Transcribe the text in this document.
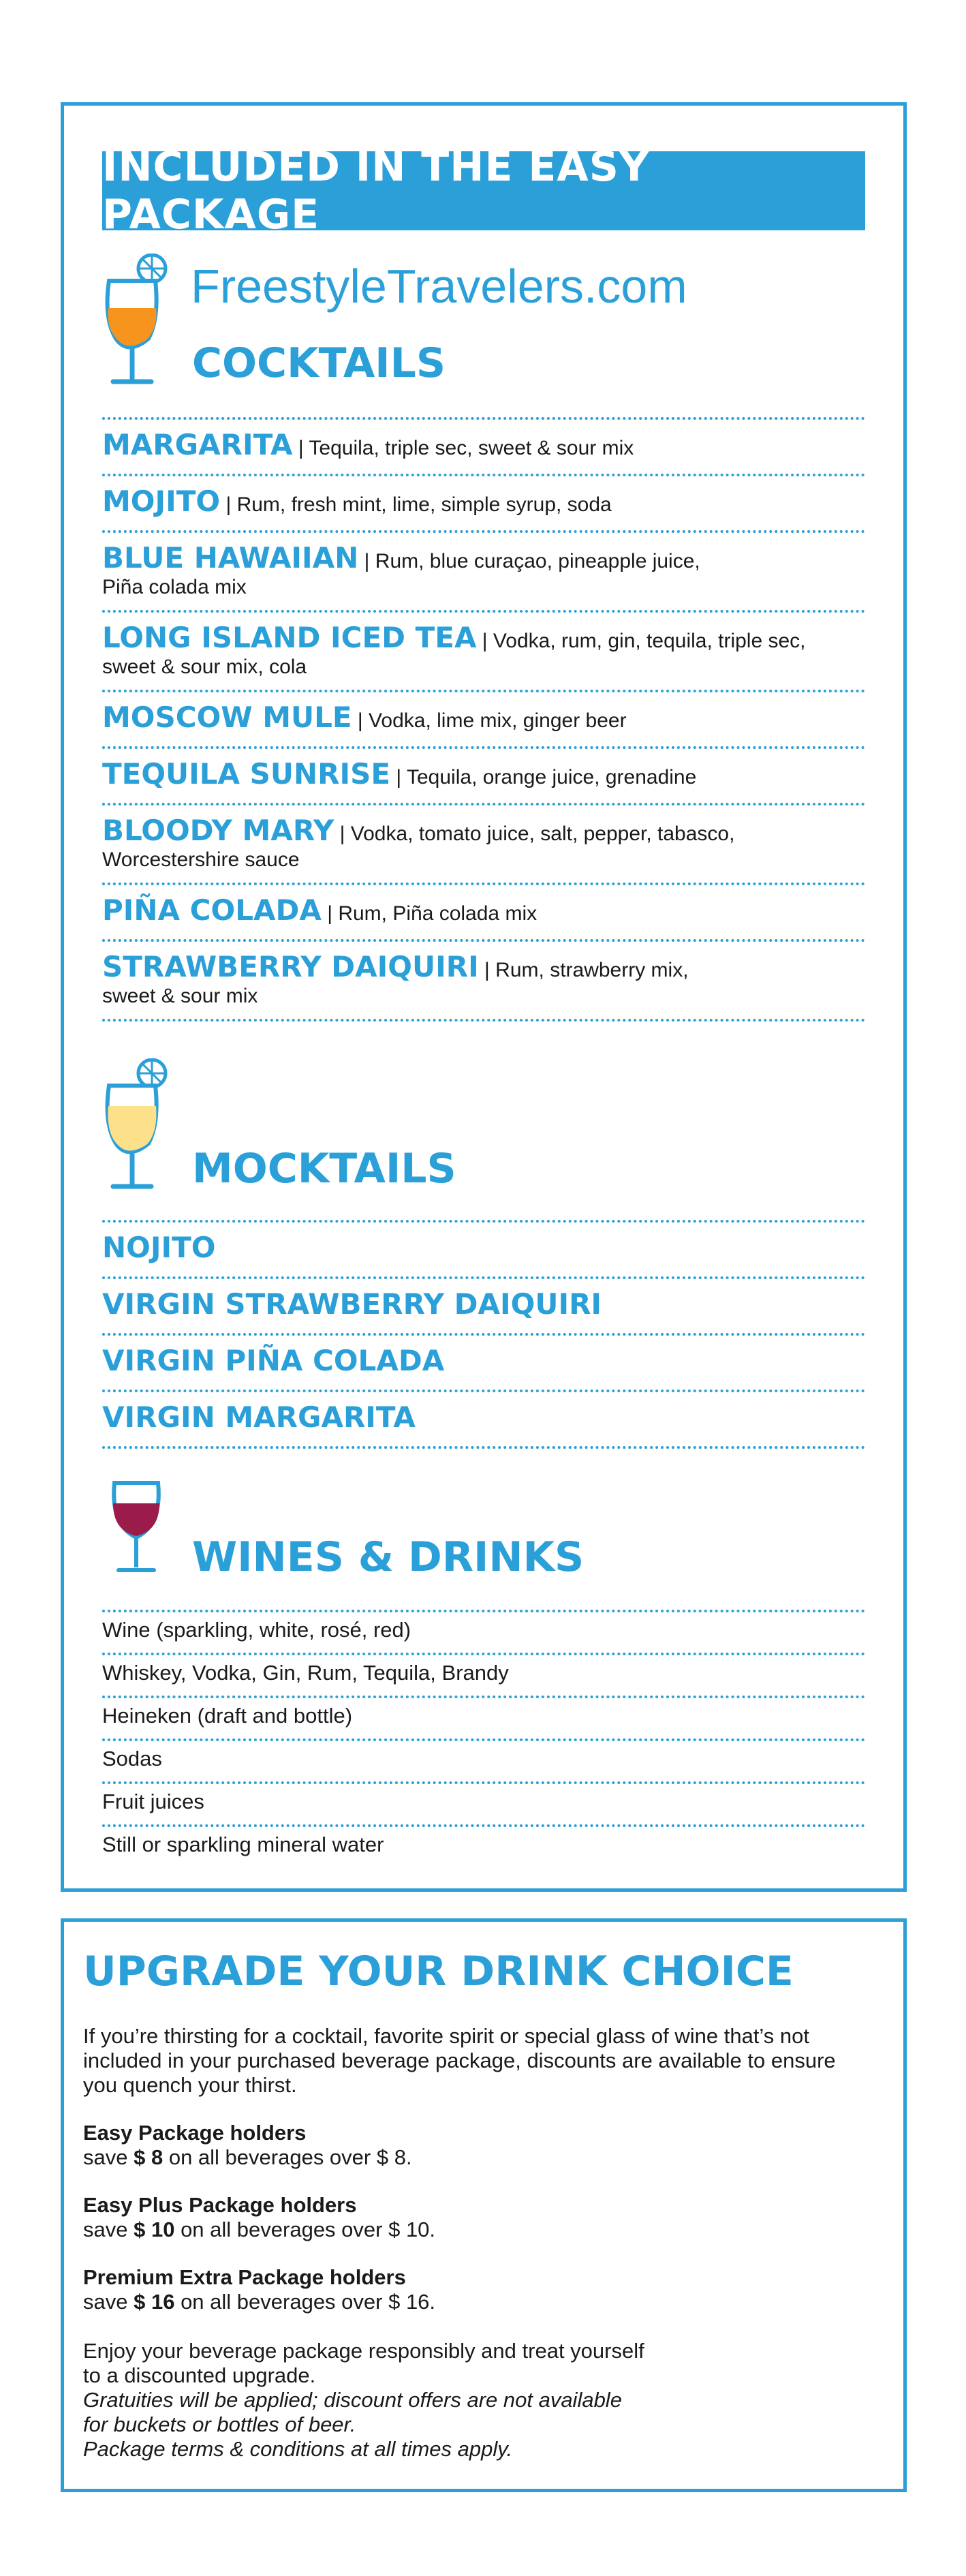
INCLUDED IN THE EASY PACKAGE
FreestyleTravelers.com
COCKTAILS
MARGARITA | Tequila, triple sec, sweet & sour mix
MOJITO | Rum, fresh mint, lime, simple syrup, soda
BLUE HAWAIIAN | Rum, blue curaçao, pineapple juice,
Piña colada mix
LONG ISLAND ICED TEA | Vodka, rum, gin, tequila, triple sec,
sweet & sour mix, cola
MOSCOW MULE | Vodka, lime mix, ginger beer
TEQUILA SUNRISE | Tequila, orange juice, grenadine
BLOODY MARY | Vodka, tomato juice, salt, pepper, tabasco,
Worcestershire sauce
PIÑA COLADA | Rum, Piña colada mix
STRAWBERRY DAIQUIRI | Rum, strawberry mix,
sweet & sour mix
MOCKTAILS
NOJITO
VIRGIN STRAWBERRY DAIQUIRI
VIRGIN PIÑA COLADA
VIRGIN MARGARITA
WINES & DRINKS
Wine (sparkling, white, rosé, red)
Whiskey, Vodka, Gin, Rum, Tequila, Brandy
Heineken (draft and bottle)
Sodas
Fruit juices
Still or sparkling mineral water
UPGRADE YOUR DRINK CHOICE
If you’re thirsting for a cocktail, favorite spirit or special glass of wine that’s not
included in your purchased beverage package, discounts are available to ensure
you quench your thirst.
Easy Package holders
save $ 8 on all beverages over $ 8.
Easy Plus Package holders
save $ 10 on all beverages over $ 10.
Premium Extra Package holders
save $ 16 on all beverages over $ 16.
Enjoy your beverage package responsibly and treat yourself
to a discounted upgrade.
Gratuities will be applied; discount offers are not available
for buckets or bottles of beer.
Package terms & conditions at all times apply.
